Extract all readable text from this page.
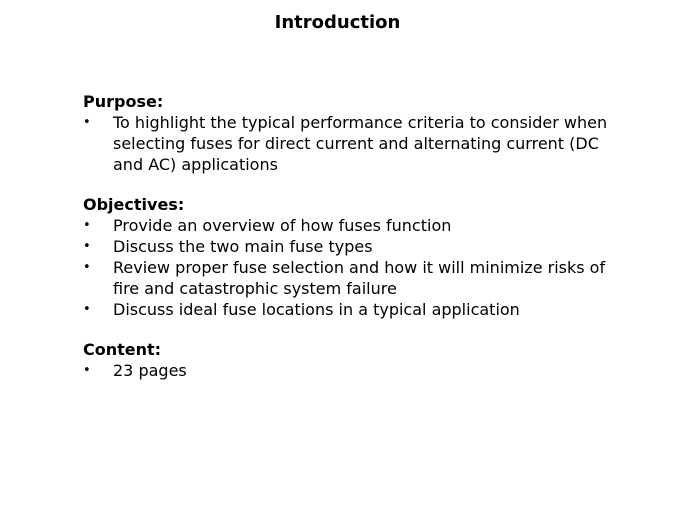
Introduction
Purpose:
• To highlight the typical performance criteria to consider when selecting fuses for direct current and alternating current (DC and AC) applications
Objectives:
• Provide an overview of how fuses function
• Discuss the two main fuse types
• Review proper fuse selection and how it will minimize risks of fire and catastrophic system failure
• Discuss ideal fuse locations in a typical application
Content:
• 23 pages
